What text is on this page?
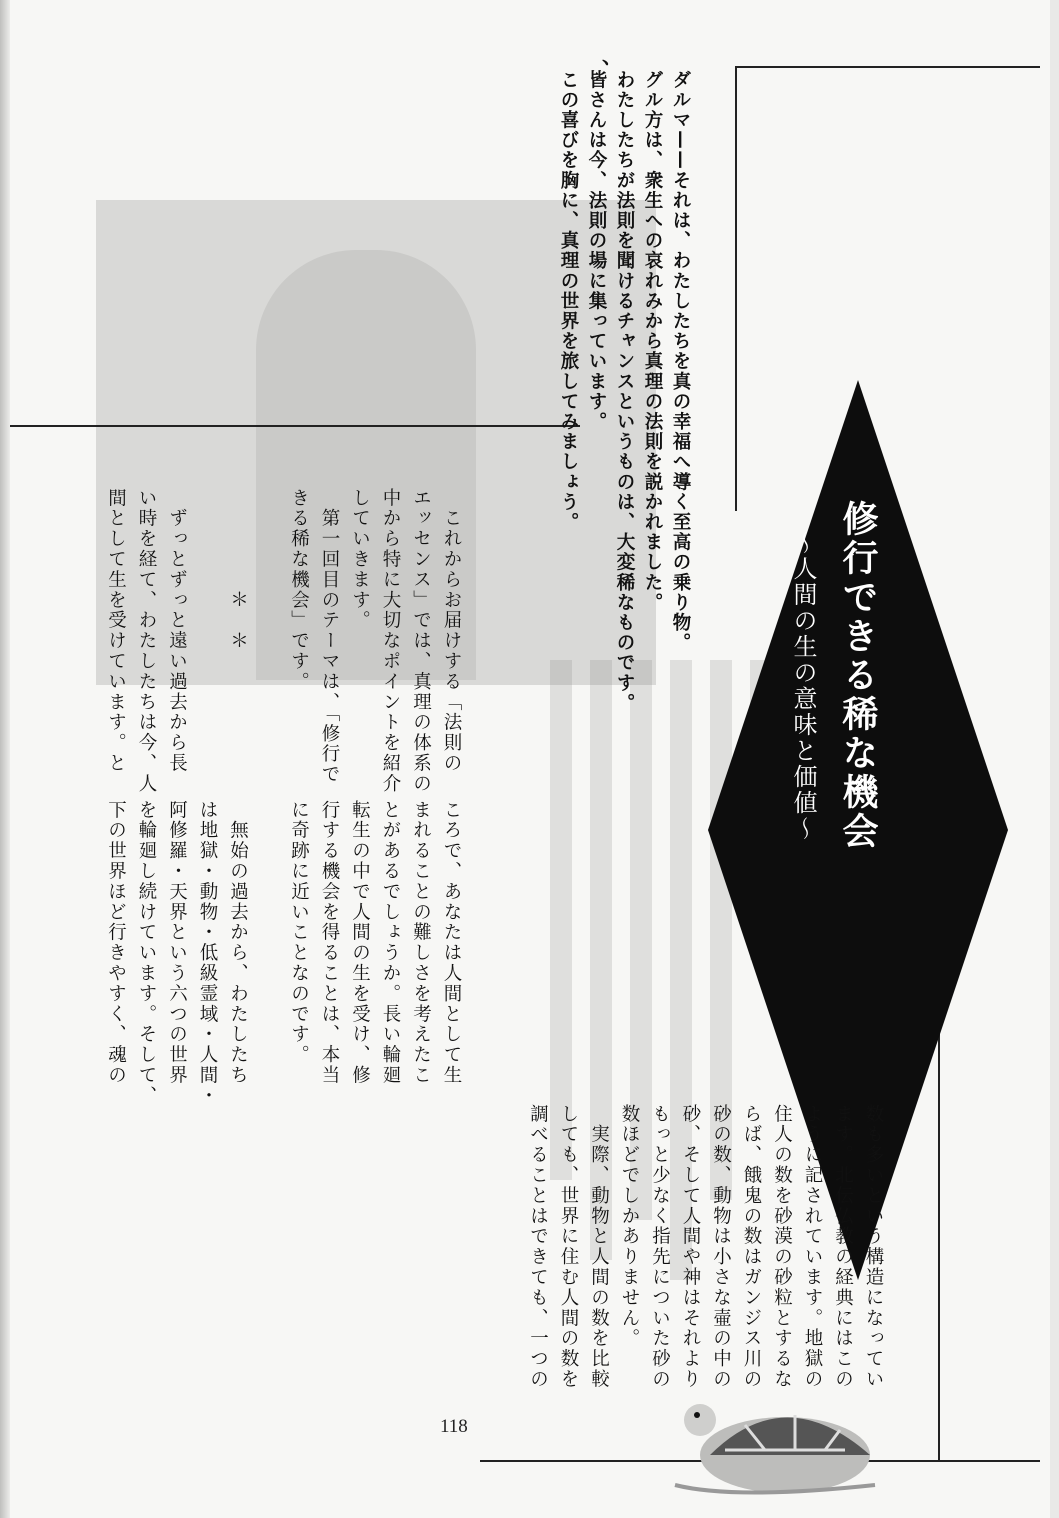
、
ダルマ——それは、わたしたちを真の幸福へ導く至高の乗り物。
グル方は、衆生への哀れみから真理の法則を説かれました。
わたしたちが法則を聞けるチャンスというものは、大変稀なものです。
皆さんは今、法則の場に集っています。
この喜びを胸に、真理の世界を旅してみましょう。
修行できる稀な機会
～人間の生の意味と価値～
　これからお届けする「法則の
エッセンス」では、真理の体系の
中から特に大切なポイントを紹介
していきます。
　第一回目のテーマは、「修行で
きる稀な機会」です。

　　　　　＊　＊

　ずっとずっと遠い過去から長
い時を経て、わたしたちは今、人
間として生を受けています。と
ころで、あなたは人間として生
まれることの難しさを考えたこ
とがあるでしょうか。長い輪廻
転生の中で人間の生を受け、修
行する機会を得ることは、本当
に奇跡に近いことなのです。

　無始の過去から、わたしたち
は地獄・動物・低級霊域・人間・
阿修羅・天界という六つの世界
を輪廻し続けています。そして、
下の世界ほど行きやすく、魂の
数も多いという構造になってい
ます。北伝仏教の経典にはこの
ように記されています。地獄の
住人の数を砂漠の砂粒とするな
らば、餓鬼の数はガンジス川の
砂の数、動物は小さな壷の中の
砂、そして人間や神はそれより
もっと少なく指先についた砂の
数ほどでしかありません。
　実際、動物と人間の数を比較
しても、世界に住む人間の数を
調べることはできても、一つの
118
